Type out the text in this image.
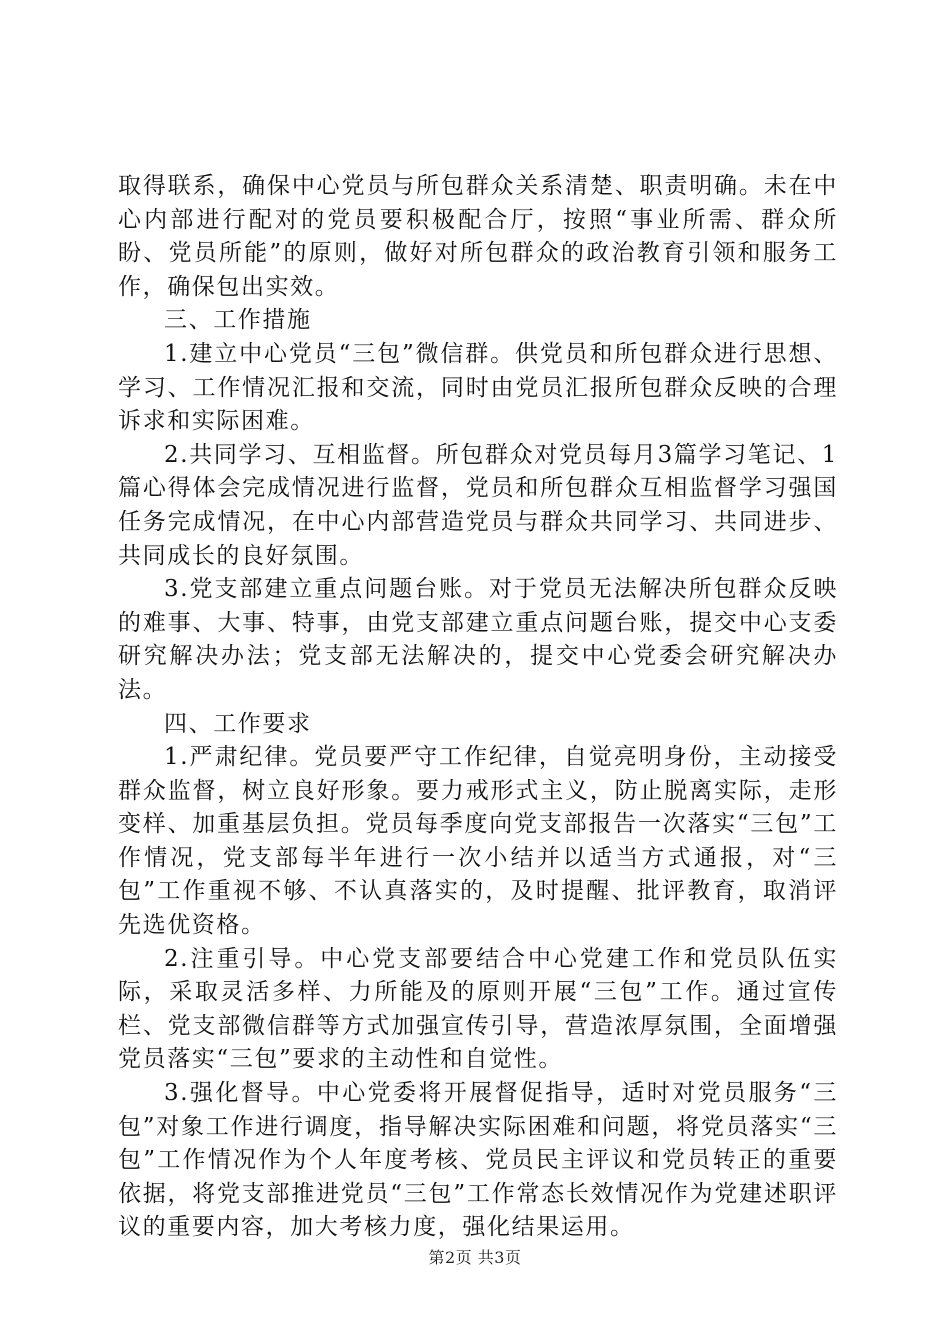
取得联系，确保中心党员与所包群众关系清楚、职责明确。未在中心内部进行配对的党员要积极配合厅，按照“事业所需、群众所盼、党员所能”的原则，做好对所包群众的政治教育引领和服务工作，确保包出实效。

三、工作措施

1.建立中心党员“三包”微信群。供党员和所包群众进行思想、学习、工作情况汇报和交流，同时由党员汇报所包群众反映的合理诉求和实际困难。

2.共同学习、互相监督。所包群众对党员每月3篇学习笔记、1篇心得体会完成情况进行监督，党员和所包群众互相监督学习强国任务完成情况，在中心内部营造党员与群众共同学习、共同进步、共同成长的良好氛围。

3.党支部建立重点问题台账。对于党员无法解决所包群众反映的难事、大事、特事，由党支部建立重点问题台账，提交中心支委研究解决办法；党支部无法解决的，提交中心党委会研究解决办法。

四、工作要求

1.严肃纪律。党员要严守工作纪律，自觉亮明身份，主动接受群众监督，树立良好形象。要力戒形式主义，防止脱离实际，走形变样、加重基层负担。党员每季度向党支部报告一次落实“三包”工作情况，党支部每半年进行一次小结并以适当方式通报，对“三包”工作重视不够、不认真落实的，及时提醒、批评教育，取消评先选优资格。

2.注重引导。中心党支部要结合中心党建工作和党员队伍实际，采取灵活多样、力所能及的原则开展“三包”工作。通过宣传栏、党支部微信群等方式加强宣传引导，营造浓厚氛围，全面增强党员落实“三包”要求的主动性和自觉性。

3.强化督导。中心党委将开展督促指导，适时对党员服务“三包”对象工作进行调度，指导解决实际困难和问题，将党员落实“三包”工作情况作为个人年度考核、党员民主评议和党员转正的重要依据，将党支部推进党员“三包”工作常态长效情况作为党建述职评议的重要内容，加大考核力度，强化结果运用。

第2页 共3页
